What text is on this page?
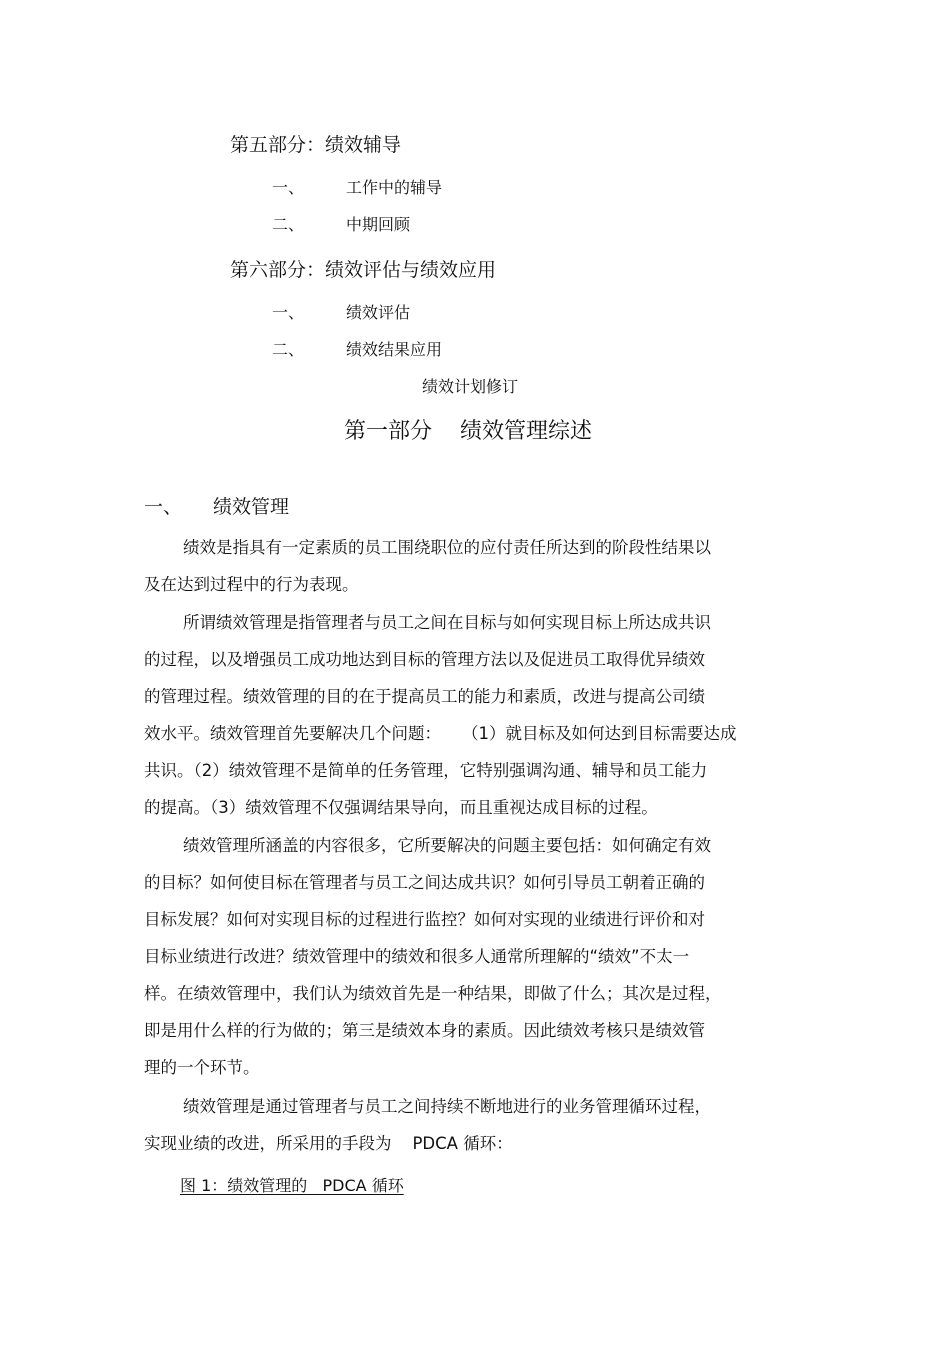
第五部分：绩效辅导
一、	工作中的辅导
二、	中期回顾
第六部分：绩效评估与绩效应用
一、	绩效评估
二、	绩效结果应用
绩效计划修订
第一部分    绩效管理综述
一、 绩效管理
绩效是指具有一定素质的员工围绕职位的应付责任所达到的阶段性结果以
及在达到过程中的行为表现。
所谓绩效管理是指管理者与员工之间在目标与如何实现目标上所达成共识
的过程，以及增强员工成功地达到目标的管理方法以及促进员工取得优异绩效
的管理过程。绩效管理的目的在于提高员工的能力和素质，改进与提高公司绩
效水平。绩效管理首先要解决几个问题：    （1）就目标及如何达到目标需要达成
共识。（2）绩效管理不是简单的任务管理，它特别强调沟通、辅导和员工能力
的提高。（3）绩效管理不仅强调结果导向，而且重视达成目标的过程。
绩效管理所涵盖的内容很多，它所要解决的问题主要包括：如何确定有效
的目标？如何使目标在管理者与员工之间达成共识？如何引导员工朝着正确的
目标发展？如何对实现目标的过程进行监控？如何对实现的业绩进行评价和对
目标业绩进行改进？绩效管理中的绩效和很多人通常所理解的“绩效”不太一
样。在绩效管理中，我们认为绩效首先是一种结果，即做了什么；其次是过程，
即是用什么样的行为做的；第三是绩效本身的素质。因此绩效考核只是绩效管
理的一个环节。
绩效管理是通过管理者与员工之间持续不断地进行的业务管理循环过程，
实现业绩的改进，所采用的手段为    PDCA 循环：
图 1：绩效管理的   PDCA 循环
